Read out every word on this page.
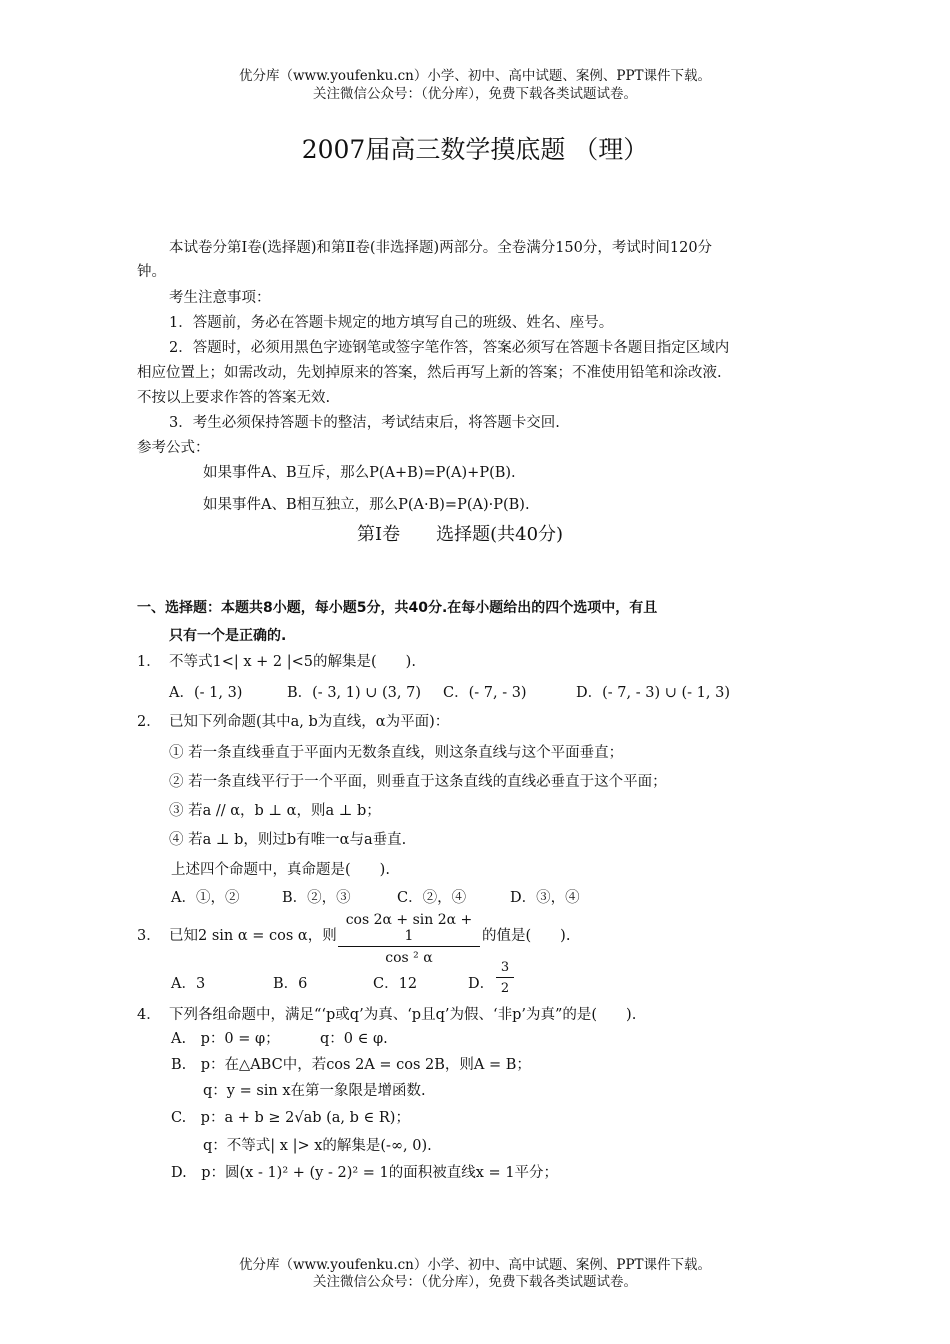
优分库（www.youfenku.cn）小学、初中、高中试题、案例、PPT课件下载。
关注微信公众号：（优分库），免费下载各类试题试卷。
2007届高三数学摸底题 （理）
本试卷分第Ⅰ卷(选择题)和第Ⅱ卷(非选择题)两部分。全卷满分150分，考试时间120分
钟。
考生注意事项：
1．答题前，务必在答题卡规定的地方填写自己的班级、姓名、座号。
2．答题时，必须用黑色字迹钢笔或签字笔作答，答案必须写在答题卡各题目指定区域内
相应位置上；如需改动，先划掉原来的答案，然后再写上新的答案；不准使用铅笔和涂改液.
不按以上要求作答的答案无效.
3．考生必须保持答题卡的整洁，考试结束后，将答题卡交回.
参考公式：
如果事件A、B互斥，那么P(A+B)=P(A)+P(B).
如果事件A、B相互独立，那么P(A·B)=P(A)·P(B).
第Ⅰ卷　　选择题(共40分)
一、选择题：本题共8小题，每小题5分，共40分.在每小题给出的四个选项中，有且
只有一个是正确的.
1． 不等式1<| x + 2 |<5的解集是(　　).
A．(- 1, 3)	B．(- 3, 1) ∪ (3, 7) C．(- 7, - 3)	D．(- 7, - 3) ∪ (- 1, 3)
2． 已知下列命题(其中a, b为直线，α为平面)：
① 若一条直线垂直于平面内无数条直线，则这条直线与这个平面垂直；
② 若一条直线平行于一个平面，则垂直于这条直线的直线必垂直于这个平面；
③ 若a // α，b ⊥ α，则a ⊥ b；
④ 若a ⊥ b，则过b有唯一α与a垂直.
上述四个命题中，真命题是(　　).
A．①，②	B．②，③	C．②，④	D．③，④
3． 已知2 sin α = cos α，则 $\frac{\cos 2\alpha + \sin 2\alpha + 1}{\text{cos ² α}}$ 的值是(　　).
A．3	B．6	C．12	D． $\frac{3}{2}$
4． 下列各组命题中，满足“‘p或q’为真、‘p且q’为假、‘非p’为真”的是(　　).
A.　p：0 = φ；	q：0 ∈ φ.
B.　p：在△ABC中，若cos 2A = cos 2B，则A = B；
q：y = sin x在第一象限是增函数.
C.　p：a + b ≥ 2√ab (a, b ∈ R)；
q：不等式| x |> x的解集是(-∞, 0).
D.　p：圆(x - 1)² + (y - 2)² = 1的面积被直线x = 1平分；
优分库（www.youfenku.cn）小学、初中、高中试题、案例、PPT课件下载。
关注微信公众号：（优分库），免费下载各类试题试卷。
